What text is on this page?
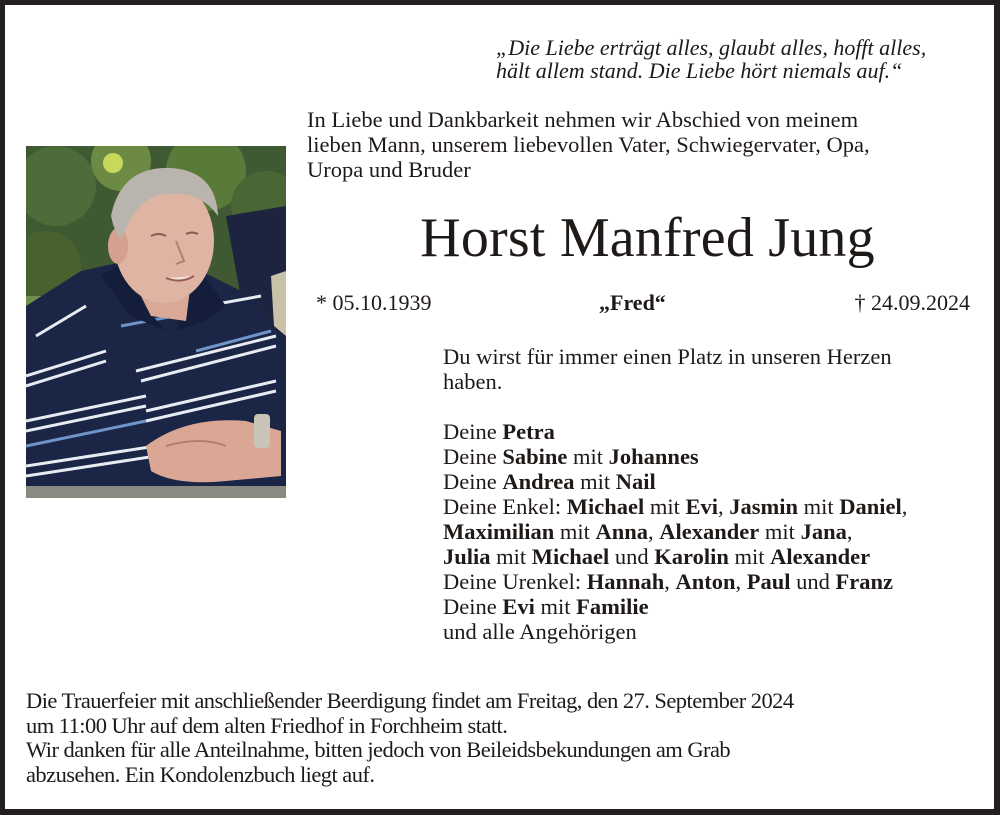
„Die Liebe erträgt alles, glaubt alles, hofft alles,
hält allem stand. Die Liebe hört niemals auf.“
In Liebe und Dankbarkeit nehmen wir Abschied von meinem
lieben Mann, unserem liebevollen Vater, Schwiegervater, Opa,
Uropa und Bruder
Horst Manfred Jung
* 05.10.1939	„Fred“	† 24.09.2024
Du wirst für immer einen Platz in unseren Herzen
haben.
Deine Petra
Deine Sabine mit Johannes
Deine Andrea mit Nail
Deine Enkel: Michael mit Evi, Jasmin mit Daniel,
Maximilian mit Anna, Alexander mit Jana,
Julia mit Michael und Karolin mit Alexander
Deine Urenkel: Hannah, Anton, Paul und Franz
Deine Evi mit Familie
und alle Angehörigen
Die Trauerfeier mit anschließender Beerdigung findet am Freitag, den 27. September 2024
um 11:00 Uhr auf dem alten Friedhof in Forchheim statt.
Wir danken für alle Anteilnahme, bitten jedoch von Beileidsbekundungen am Grab
abzusehen. Ein Kondolenzbuch liegt auf.
